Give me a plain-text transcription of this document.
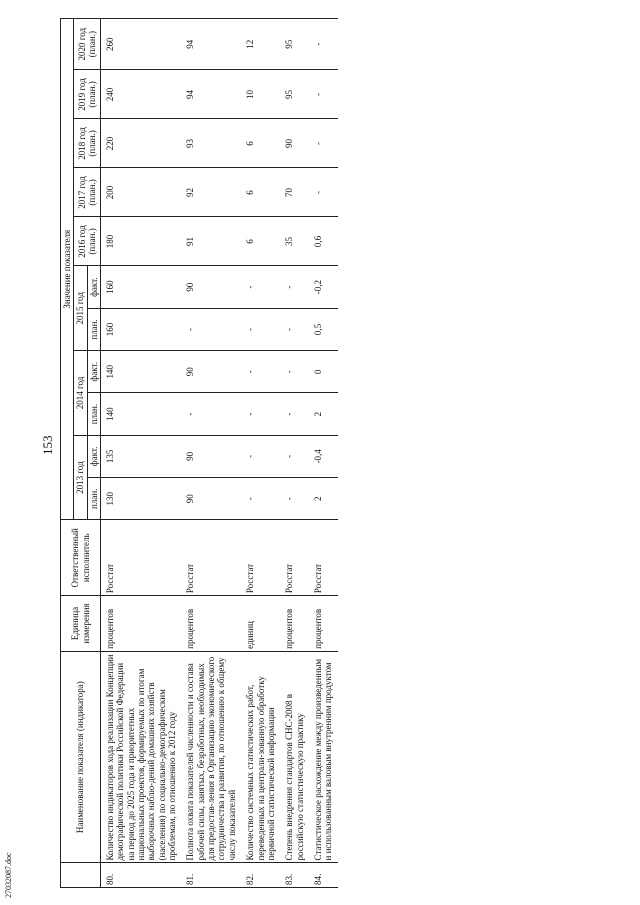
153
	Наименование показателя (индикатора)	Единица измерения	Ответственный исполнитель	Значение показателя										
				2013 год		2014 год		2015 год		2016 год (план.)	2017 год (план.)	2018 год (план.)	2019 год (план.)	2020 год (план.)
				план.	факт.	план.	факт.	план.	факт.					
80.	Количество индикаторов хода реализации Концепции демографической политики Российской Федерации на период до 2025 года и приоритетных национальных проектов, формируемых по итогам выборочных наблю-дений домашних хозяйств (населения) по социально-демографическим проблемам, по отношению к 2012 году	процентов	Росстат	130	135	140	140	160	160	180	200	220	240	260
81.	Полнота охвата показателей численности и состава рабочей силы, занятых, безработных, необходимых для предостав-ления в Организацию экономического сотрудничества и развития, по отношению к общему числу показателей	процентов	Росстат	90	90	-	90	-	90	91	92	93	94	94
82.	Количество системных статистических работ, переведенных на централи-зованную обработку первичной статистической информации	единиц	Росстат	-	-	-	-	-	-	6	6	6	10	12
83.	Степень внедрения стандартов СНС-2008 в российскую статистическую практику	процентов	Росстат	-	-	-	-	-	-	35	70	90	95	95
84.	Статистическое расхождение между произведенным и использованным валовым внутренним продуктом	процентов	Росстат	2	-0,4	2	0	0,5	-0,2	0,6	-	-	-	-
27032087.doc
